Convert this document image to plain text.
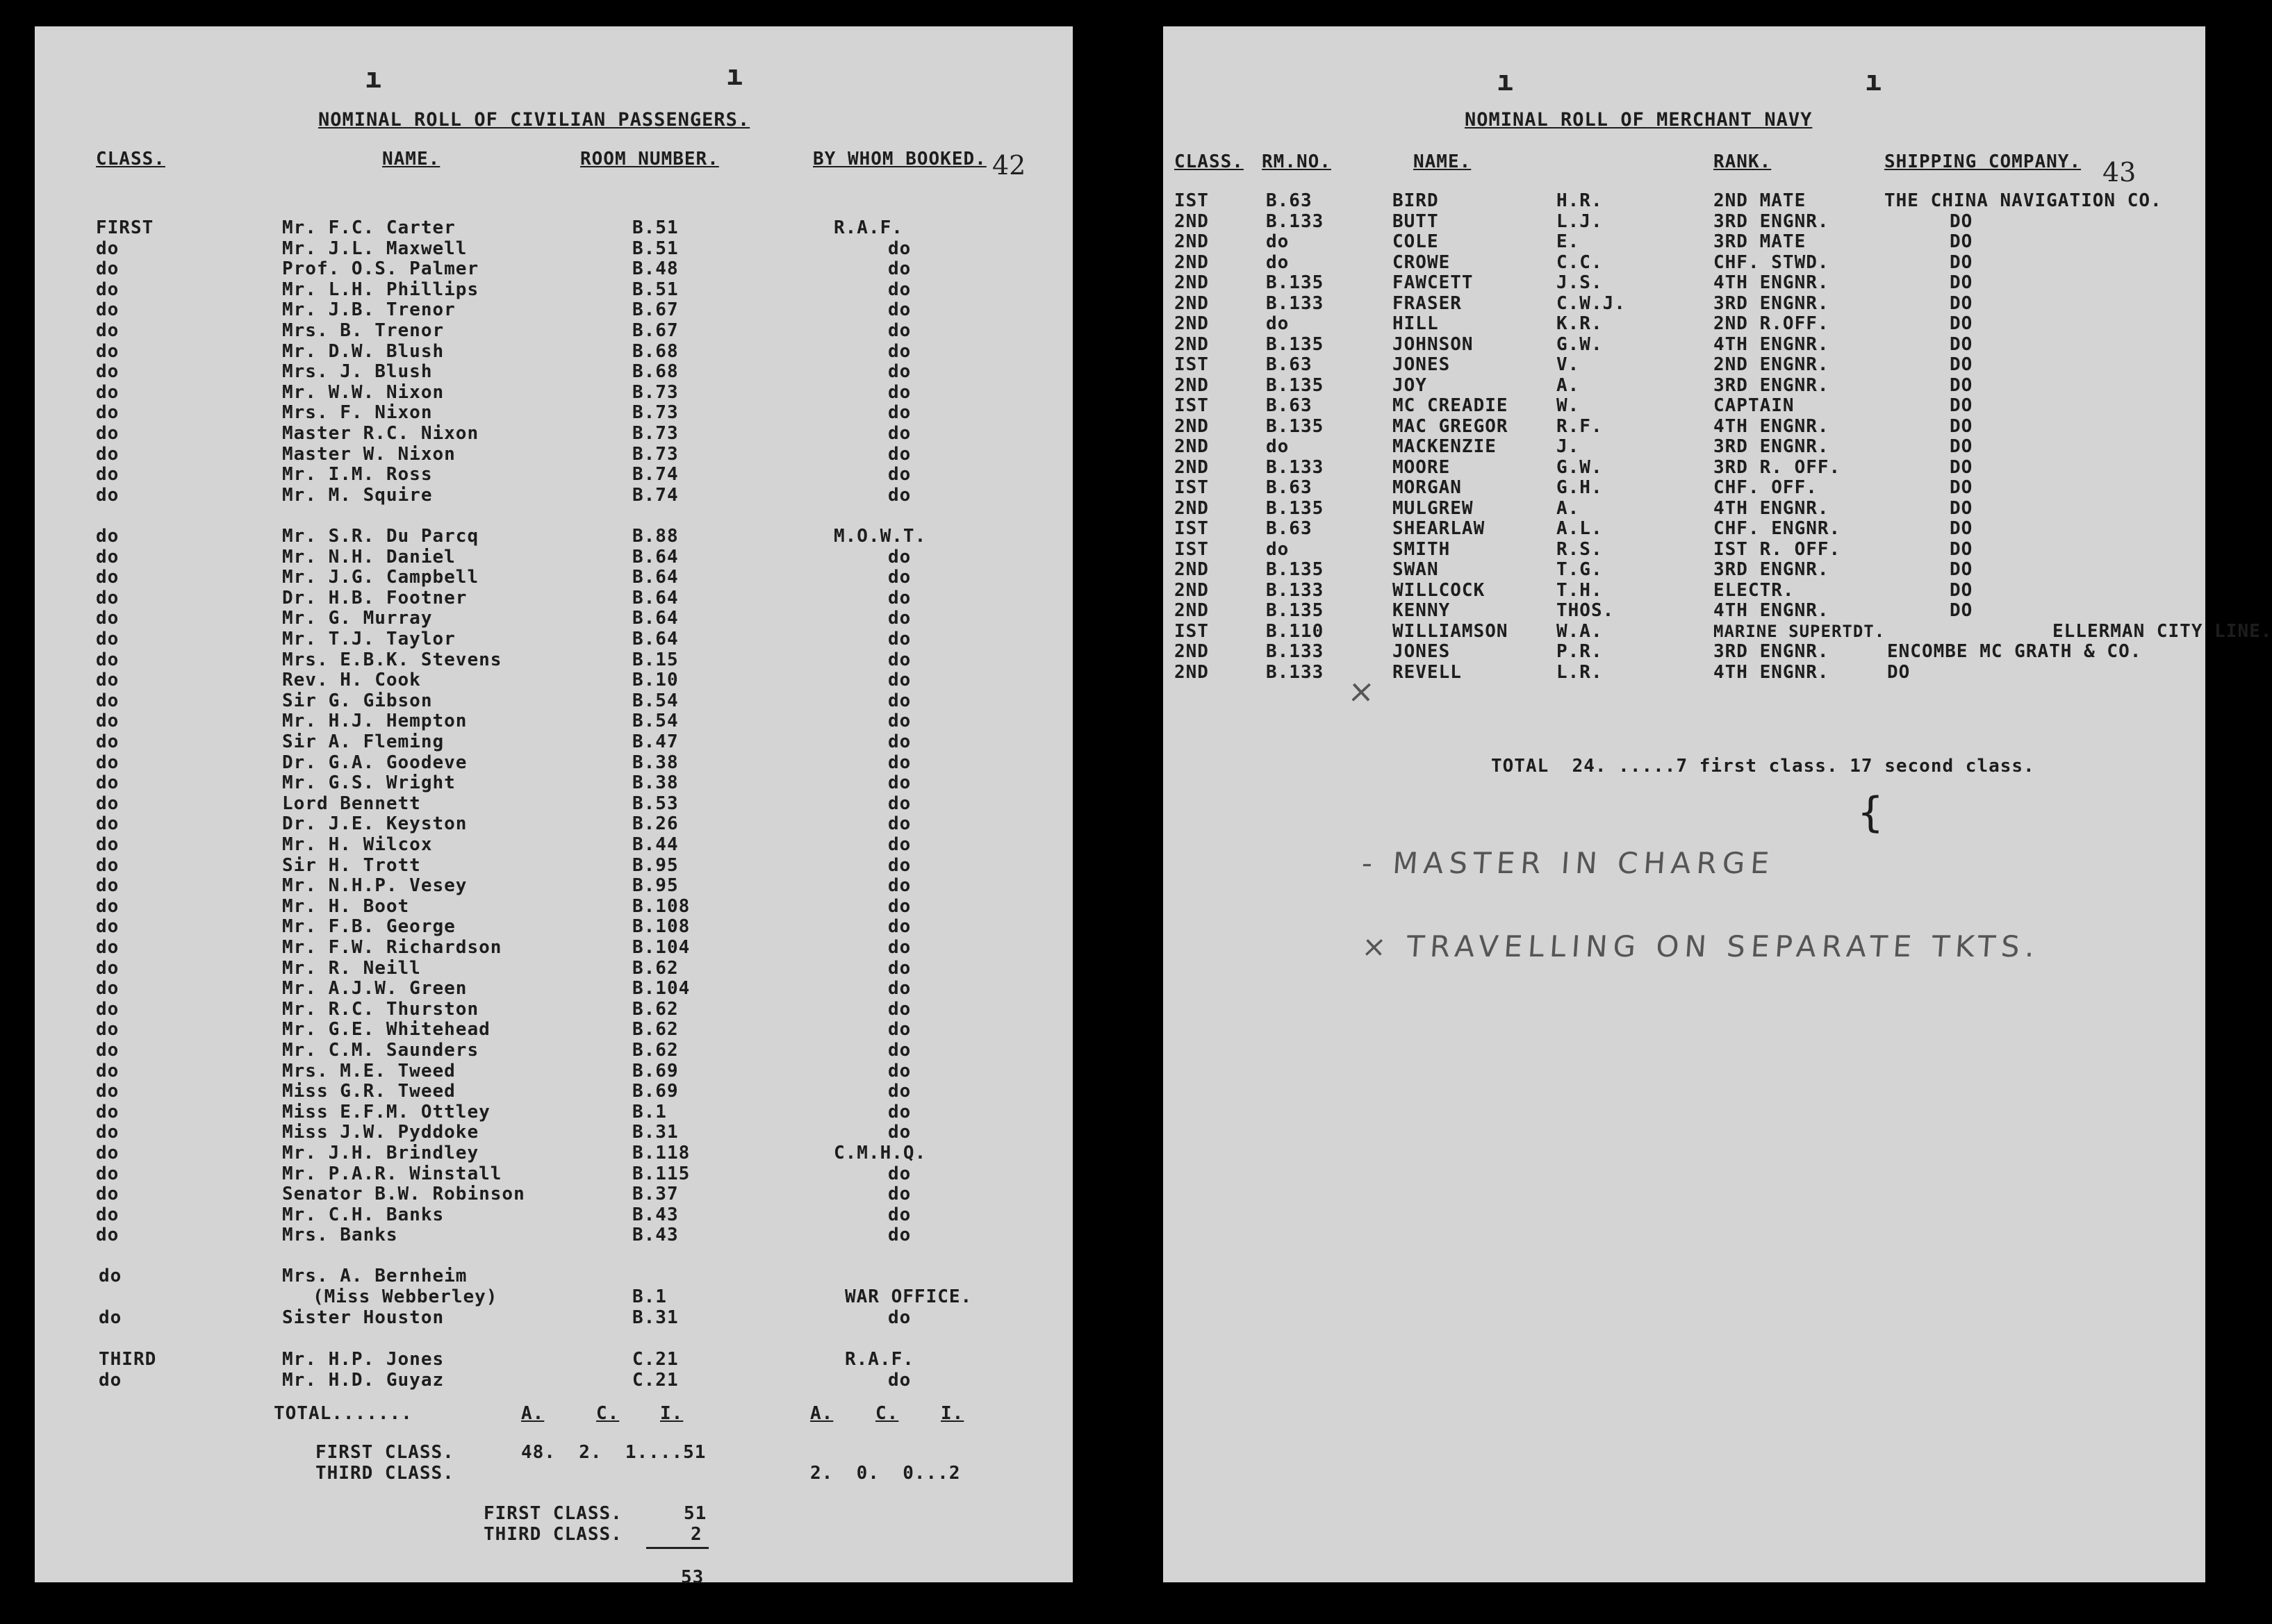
ı	ı
NOMINAL ROLL OF CIVILIAN PASSENGERS.
42
CLASS.	NAME.	ROOM NUMBER.	BY WHOM BOOKED.
FIRST	Mr. F.C. Carter	B.51	R.A.F.
do	Mr. J.L. Maxwell	B.51	do
do	Prof. O.S. Palmer	B.48	do
do	Mr. L.H. Phillips	B.51	do
do	Mr. J.B. Trenor	B.67	do
do	Mrs. B. Trenor	B.67	do
do	Mr. D.W. Blush	B.68	do
do	Mrs. J. Blush	B.68	do
do	Mr. W.W. Nixon	B.73	do
do	Mrs. F. Nixon	B.73	do
do	Master R.C. Nixon	B.73	do
do	Master W. Nixon	B.73	do
do	Mr. I.M. Ross	B.74	do
do	Mr. M. Squire	B.74	do
do	Mr. S.R. Du Parcq	B.88	M.O.W.T.
do	Mr. N.H. Daniel	B.64	do
do	Mr. J.G. Campbell	B.64	do
do	Dr. H.B. Footner	B.64	do
do	Mr. G. Murray	B.64	do
do	Mr. T.J. Taylor	B.64	do
do	Mrs. E.B.K. Stevens	B.15	do
do	Rev. H. Cook	B.10	do
do	Sir G. Gibson	B.54	do
do	Mr. H.J. Hempton	B.54	do
do	Sir A. Fleming	B.47	do
do	Dr. G.A. Goodeve	B.38	do
do	Mr. G.S. Wright	B.38	do
do	Lord Bennett	B.53	do
do	Dr. J.E. Keyston	B.26	do
do	Mr. H. Wilcox	B.44	do
do	Sir H. Trott	B.95	do
do	Mr. N.H.P. Vesey	B.95	do
do	Mr. H. Boot	B.108	do
do	Mr. F.B. George	B.108	do
do	Mr. F.W. Richardson	B.104	do
do	Mr. R. Neill	B.62	do
do	Mr. A.J.W. Green	B.104	do
do	Mr. R.C. Thurston	B.62	do
do	Mr. G.E. Whitehead	B.62	do
do	Mr. C.M. Saunders	B.62	do
do	Mrs. M.E. Tweed	B.69	do
do	Miss G.R. Tweed	B.69	do
do	Miss E.F.M. Ottley	B.1	do
do	Miss J.W. Pyddoke	B.31	do
do	Mr. J.H. Brindley	B.118	C.M.H.Q.
do	Mr. P.A.R. Winstall	B.115	do
do	Senator B.W. Robinson	B.37	do
do	Mr. C.H. Banks	B.43	do
do	Mrs. Banks	B.43	do
do	Mrs. A. Bernheim
(Miss Webberley)	B.1	WAR OFFICE.
do	Sister Houston	B.31	do
THIRD	Mr. H.P. Jones	C.21	R.A.F.
do	Mr. H.D. Guyaz	C.21	do
TOTAL.......	A.	C. I.	A. C. I.
FIRST CLASS.	48.  2.  1....51
THIRD CLASS.	2.  0.  0...2
FIRST CLASS.	51
THIRD CLASS.	2
53
ı	ı
NOMINAL ROLL OF MERCHANT NAVY
43
CLASS. RM.NO.	NAME.	RANK.	SHIPPING COMPANY.
IST	B.63	BIRD	H.R.	2ND MATE	THE CHINA NAVIGATION CO.
2ND	B.133	BUTT	L.J.	3RD ENGNR.	DO
2ND	do	COLE	E.	3RD MATE	DO
2ND	do	CROWE	C.C.	CHF. STWD.	DO
2ND	B.135	FAWCETT	J.S.	4TH ENGNR.	DO
2ND	B.133	FRASER	C.W.J.	3RD ENGNR.	DO
2ND	do	HILL	K.R.	2ND R.OFF.	DO
2ND	B.135	JOHNSON	G.W.	4TH ENGNR.	DO
IST	B.63	JONES	V.	2ND ENGNR.	DO
2ND	B.135	JOY	A.	3RD ENGNR.	DO
IST	B.63	MC CREADIE	W.	CAPTAIN	DO
2ND	B.135	MAC GREGOR	R.F.	4TH ENGNR.	DO
2ND	do	MACKENZIE	J.	3RD ENGNR.	DO
2ND	B.133	MOORE	G.W.	3RD R. OFF.	DO
IST	B.63	MORGAN	G.H.	CHF. OFF.	DO
2ND	B.135	MULGREW	A.	4TH ENGNR.	DO
IST	B.63	SHEARLAW	A.L.	CHF. ENGNR.	DO
IST	do	SMITH	R.S.	IST R. OFF.	DO
2ND	B.135	SWAN	T.G.	3RD ENGNR.	DO
2ND	B.133	WILLCOCK	T.H.	ELECTR.	DO
2ND	B.135	KENNY	THOS.	4TH ENGNR.	DO
IST	B.110	WILLIAMSON	W.A.	MARINE SUPERTDT.	ELLERMAN CITY LINE.
2ND	B.133	JONES	P.R.	3RD ENGNR.	ENCOMBE MC GRATH & CO.
2ND	B.133	REVELL	L.R.	4TH ENGNR.	DO
{
×
TOTAL  24. .....7 first class. 17 second class.
- MASTER IN CHARGE
× TRAVELLING ON SEPARATE TKTS.
